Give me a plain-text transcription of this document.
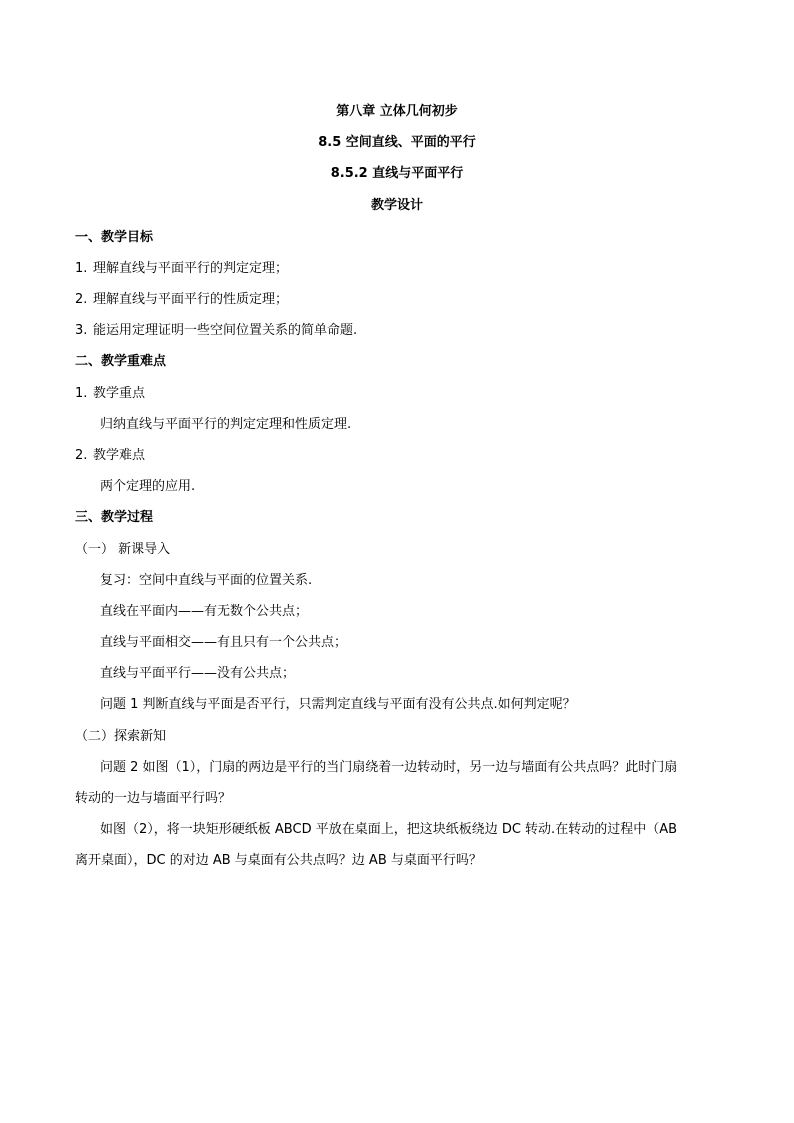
第八章 立体几何初步
8.5 空间直线、平面的平行
8.5.2 直线与平面平行
教学设计
一、教学目标
1. 理解直线与平面平行的判定定理；
2. 理解直线与平面平行的性质定理；
3. 能运用定理证明一些空间位置关系的简单命题.
二、教学重难点
1. 教学重点
归纳直线与平面平行的判定定理和性质定理.
2. 教学难点
两个定理的应用.
三、教学过程
（一） 新课导入
复习：空间中直线与平面的位置关系.
直线在平面内——有无数个公共点；
直线与平面相交——有且只有一个公共点；
直线与平面平行——没有公共点；
问题 1 判断直线与平面是否平行，只需判定直线与平面有没有公共点.如何判定呢？
（二）探索新知
问题 2 如图（1），门扇的两边是平行的当门扇绕着一边转动时，另一边与墙面有公共点吗？此时门扇
转动的一边与墙面平行吗？
如图（2），将一块矩形硬纸板 ABCD 平放在桌面上，把这块纸板绕边 DC 转动.在转动的过程中（AB
离开桌面），DC 的对边 AB 与桌面有公共点吗？边 AB 与桌面平行吗？
